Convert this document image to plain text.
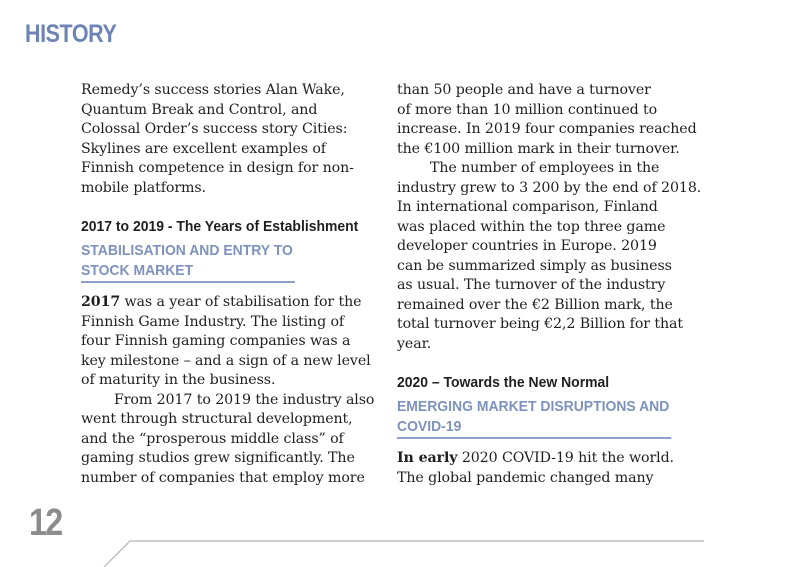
HISTORY

Remedy’s success stories Alan Wake,
Quantum Break and Control, and
Colossal Order’s success story Cities:
Skylines are excellent examples of
Finnish competence in design for non-
mobile platforms.

2017 to 2019 - The Years of Establishment
STABILISATION AND ENTRY TO
STOCK MARKET

2017 was a year of stabilisation for the
Finnish Game Industry. The listing of
four Finnish gaming companies was a
key milestone – and a sign of a new level
of maturity in the business.

From 2017 to 2019 the industry also
went through structural development,
and the “prosperous middle class” of
gaming studios grew significantly. The
number of companies that employ more

than 50 people and have a turnover
of more than 10 million continued to
increase. In 2019 four companies reached
the €100 million mark in their turnover.

The number of employees in the
industry grew to 3 200 by the end of 2018.
In international comparison, Finland
was placed within the top three game
developer countries in Europe. 2019
can be summarized simply as business
as usual. The turnover of the industry
remained over the €2 Billion mark, the
total turnover being €2,2 Billion for that
year.

2020 – Towards the New Normal
EMERGING MARKET DISRUPTIONS AND
COVID-19

In early 2020 COVID-19 hit the world.
The global pandemic changed many

12
